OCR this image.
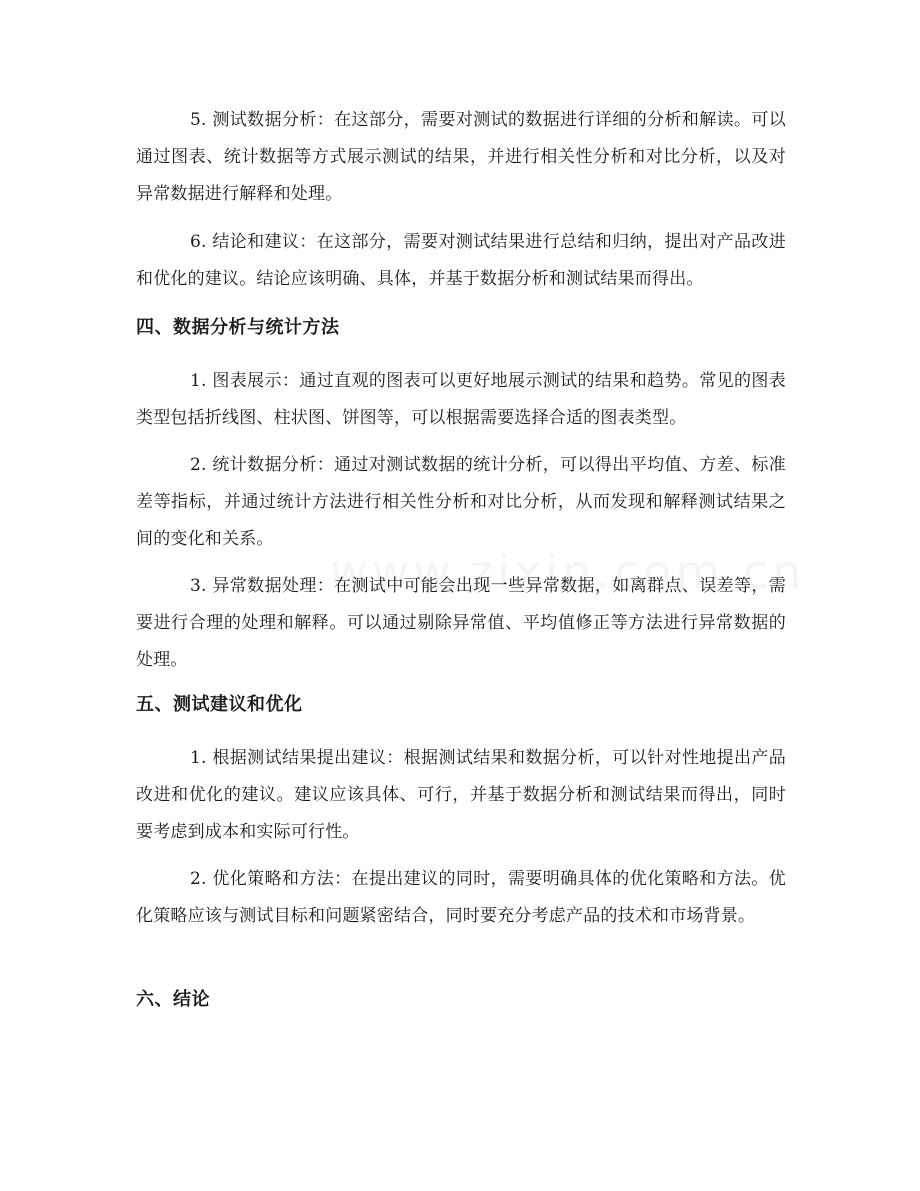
5. 测试数据分析：在这部分，需要对测试的数据进行详细的分析和解读。可以通过图表、统计数据等方式展示测试的结果，并进行相关性分析和对比分析，以及对异常数据进行解释和处理。

6. 结论和建议：在这部分，需要对测试结果进行总结和归纳，提出对产品改进和优化的建议。结论应该明确、具体，并基于数据分析和测试结果而得出。

四、数据分析与统计方法

1. 图表展示：通过直观的图表可以更好地展示测试的结果和趋势。常见的图表类型包括折线图、柱状图、饼图等，可以根据需要选择合适的图表类型。

2. 统计数据分析：通过对测试数据的统计分析，可以得出平均值、方差、标准差等指标，并通过统计方法进行相关性分析和对比分析，从而发现和解释测试结果之间的变化和关系。

3. 异常数据处理：在测试中可能会出现一些异常数据，如离群点、误差等，需要进行合理的处理和解释。可以通过剔除异常值、平均值修正等方法进行异常数据的处理。

五、测试建议和优化

1. 根据测试结果提出建议：根据测试结果和数据分析，可以针对性地提出产品改进和优化的建议。建议应该具体、可行，并基于数据分析和测试结果而得出，同时要考虑到成本和实际可行性。

2. 优化策略和方法：在提出建议的同时，需要明确具体的优化策略和方法。优化策略应该与测试目标和问题紧密结合，同时要充分考虑产品的技术和市场背景。

六、结论
